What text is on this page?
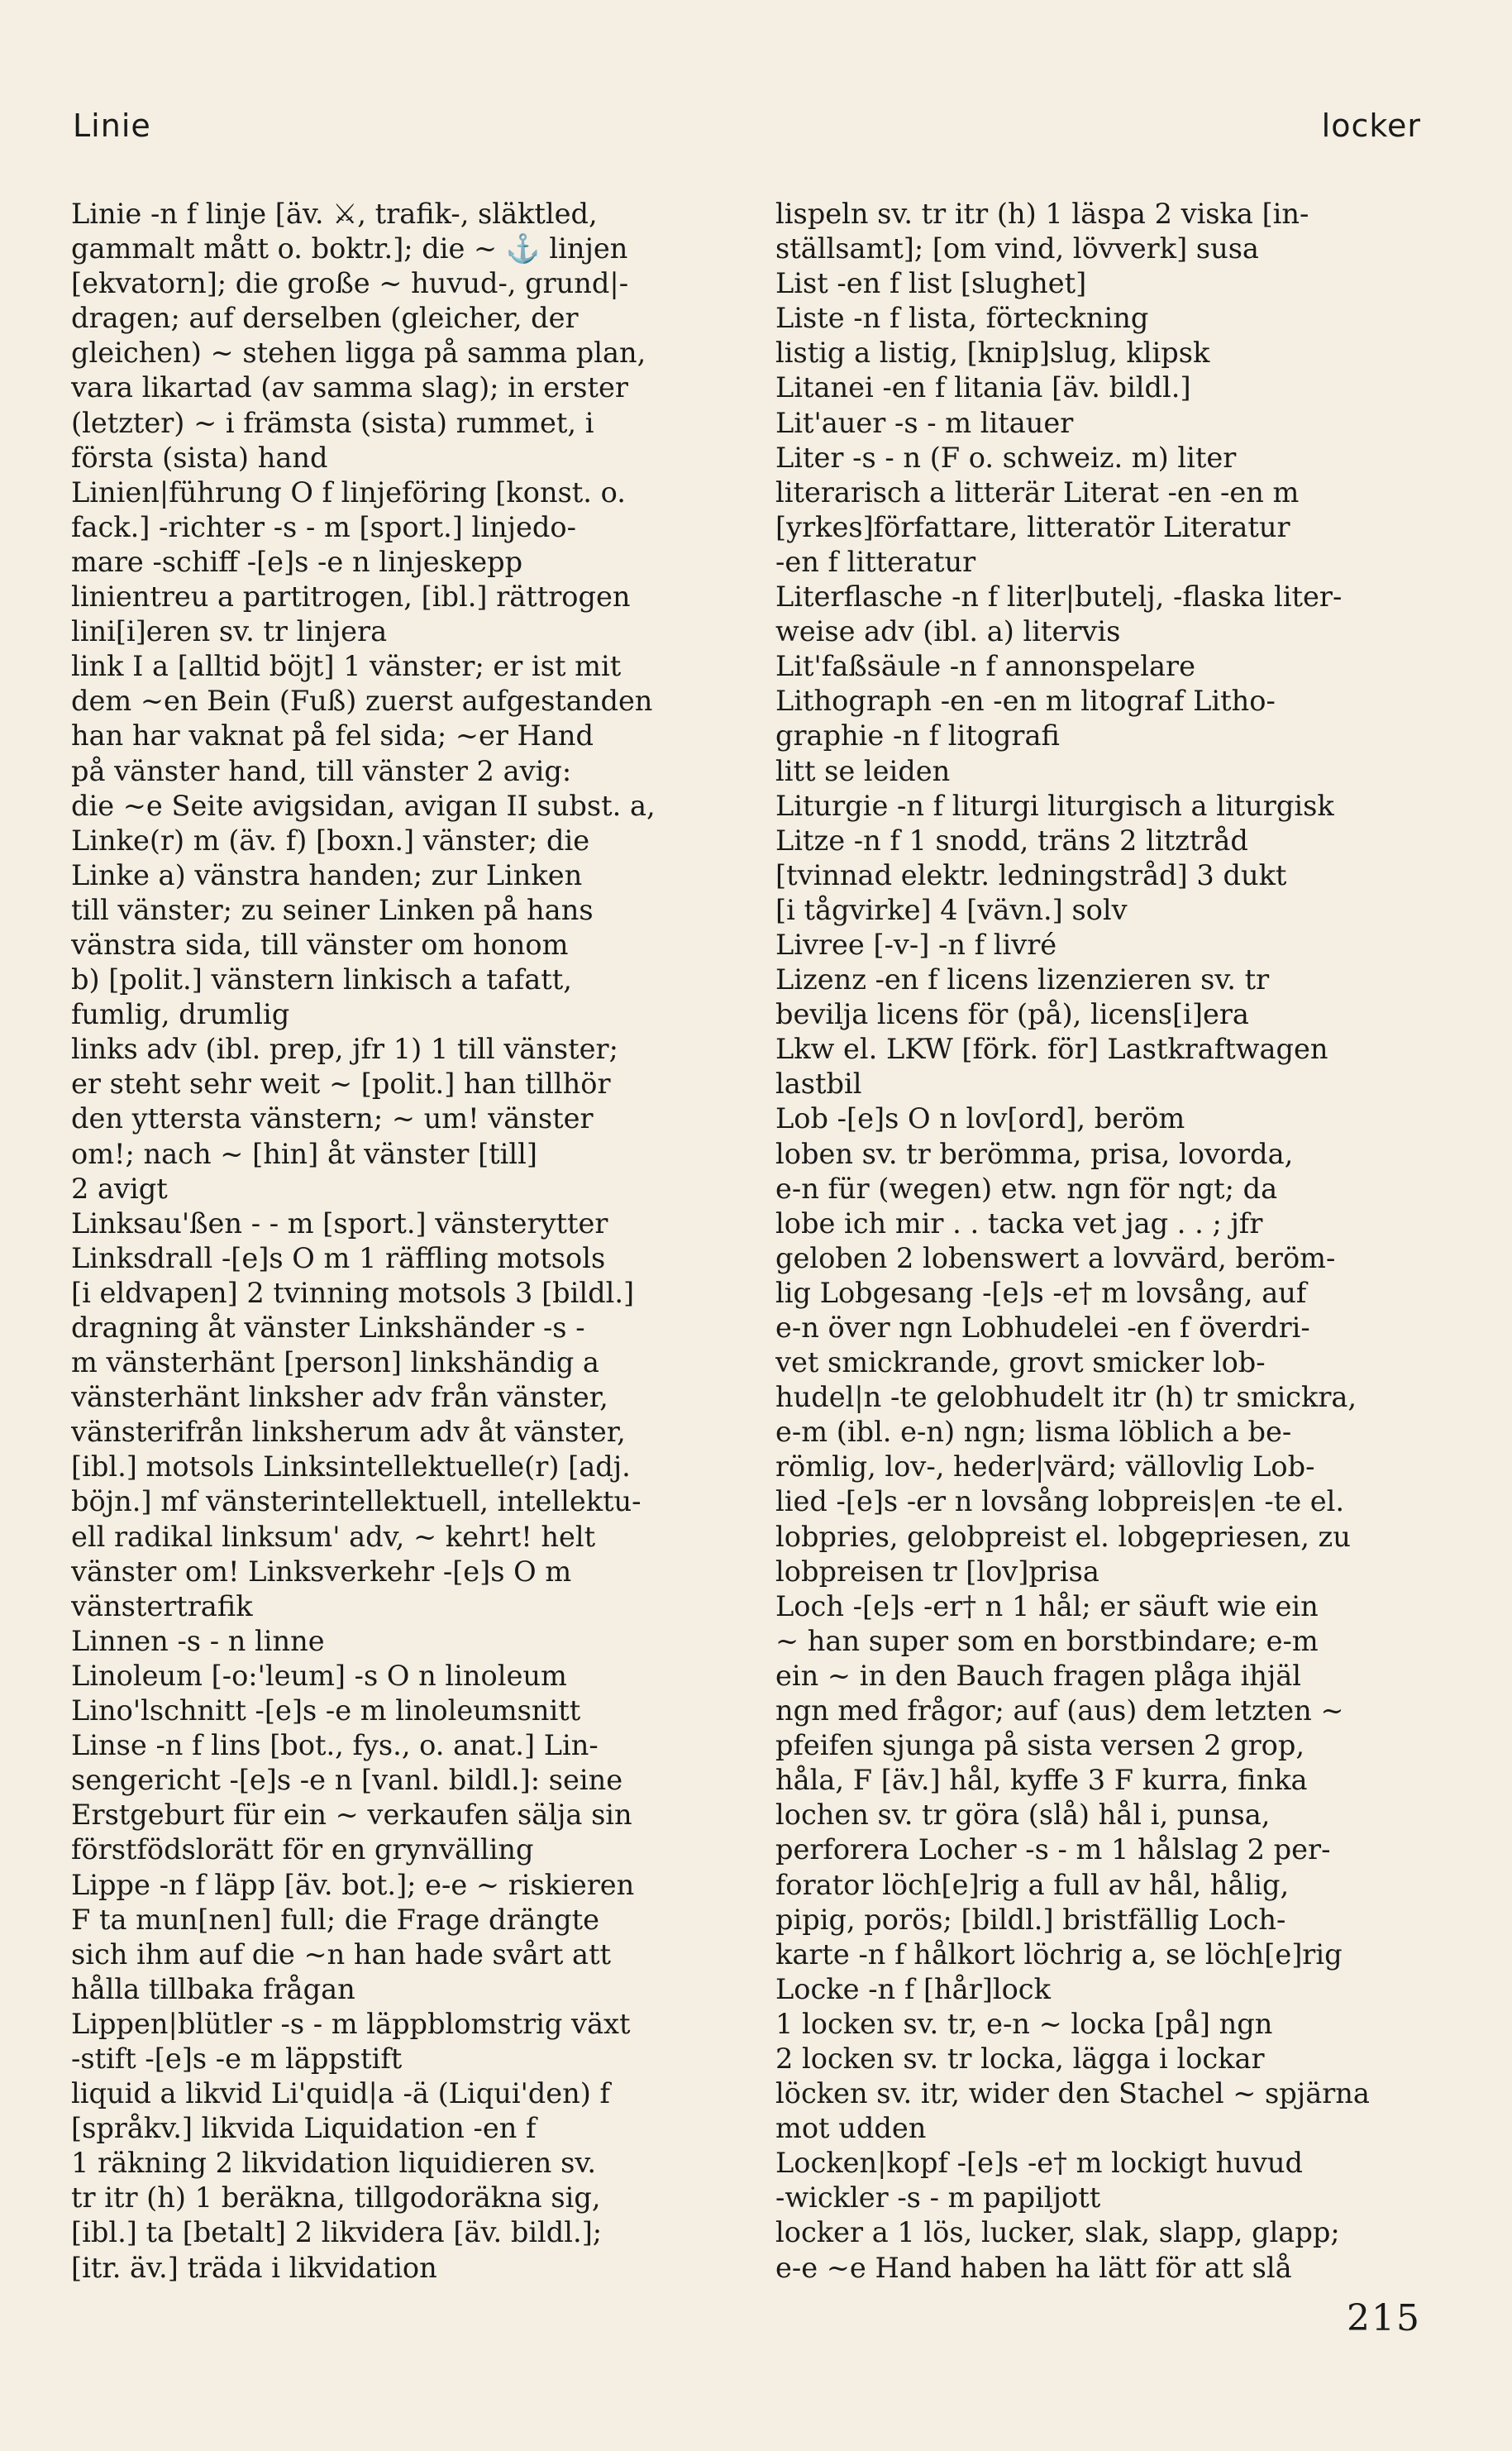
Linie	locker
Linie -n f linje [äv. ⚔, trafik-, släktled,
gammalt mått o. boktr.]; die ~ ⚓ linjen
[ekvatorn]; die große ~ huvud-, grund|-
dragen; auf derselben (gleicher, der
gleichen) ~ stehen ligga på samma plan,
vara likartad (av samma slag); in erster
(letzter) ~ i främsta (sista) rummet, i
första (sista) hand
Linien|führung O f linjeföring [konst. o.
fack.] -richter -s - m [sport.] linjedo-
mare -schiff -[e]s -e n linjeskepp
linientreu a partitrogen, [ibl.] rättrogen
lini[i]eren sv. tr linjera
link I a [alltid böjt] 1 vänster; er ist mit
dem ~en Bein (Fuß) zuerst aufgestanden
han har vaknat på fel sida; ~er Hand
på vänster hand, till vänster 2 avig:
die ~e Seite avigsidan, avigan II subst. a,
Linke(r) m (äv. f) [boxn.] vänster; die
Linke a) vänstra handen; zur Linken
till vänster; zu seiner Linken på hans
vänstra sida, till vänster om honom
b) [polit.] vänstern linkisch a tafatt,
fumlig, drumlig
links adv (ibl. prep, jfr 1) 1 till vänster;
er steht sehr weit ~ [polit.] han tillhör
den yttersta vänstern; ~ um! vänster
om!; nach ~ [hin] åt vänster [till]
2 avigt
Linksau'ßen - - m [sport.] vänsterytter
Linksdrall -[e]s O m 1 räffling motsols
[i eldvapen] 2 tvinning motsols 3 [bildl.]
dragning åt vänster Linkshänder -s -
m vänsterhänt [person] linkshändig a
vänsterhänt linksher adv från vänster,
vänsterifrån linksherum adv åt vänster,
[ibl.] motsols Linksintellektuelle(r) [adj.
böjn.] mf vänsterintellektuell, intellektu-
ell radikal linksum' adv, ~ kehrt! helt
vänster om! Linksverkehr -[e]s O m
vänstertrafik
Linnen -s - n linne
Linoleum [-o:'leum] -s O n linoleum
Lino'lschnitt -[e]s -e m linoleumsnitt
Linse -n f lins [bot., fys., o. anat.] Lin-
sengericht -[e]s -e n [vanl. bildl.]: seine
Erstgeburt für ein ~ verkaufen sälja sin
förstfödslorätt för en grynvälling
Lippe -n f läpp [äv. bot.]; e-e ~ riskieren
F ta mun[nen] full; die Frage drängte
sich ihm auf die ~n han hade svårt att
hålla tillbaka frågan
Lippen|blütler -s - m läppblomstrig växt
-stift -[e]s -e m läppstift
liquid a likvid Li'quid|a -ä (Liqui'den) f
[språkv.] likvida Liquidation -en f
1 räkning 2 likvidation liquidieren sv.
tr itr (h) 1 beräkna, tillgodoräkna sig,
[ibl.] ta [betalt] 2 likvidera [äv. bildl.];
[itr. äv.] träda i likvidation
lispeln sv. tr itr (h) 1 läspa 2 viska [in-
ställsamt]; [om vind, lövverk] susa
List -en f list [slughet]
Liste -n f lista, förteckning
listig a listig, [knip]slug, klipsk
Litanei -en f litania [äv. bildl.]
Lit'auer -s - m litauer
Liter -s - n (F o. schweiz. m) liter
literarisch a litterär Literat -en -en m
[yrkes]författare, litteratör Literatur
-en f litteratur
Literflasche -n f liter|butelj, -flaska liter-
weise adv (ibl. a) litervis
Lit'faßsäule -n f annonspelare
Lithograph -en -en m litograf Litho-
graphie -n f litografi
litt se leiden
Liturgie -n f liturgi liturgisch a liturgisk
Litze -n f 1 snodd, träns 2 litztråd
[tvinnad elektr. ledningstråd] 3 dukt
[i tågvirke] 4 [vävn.] solv
Livree [-v-] -n f livré
Lizenz -en f licens lizenzieren sv. tr
bevilja licens för (på), licens[i]era
Lkw el. LKW [förk. för] Lastkraftwagen
lastbil
Lob -[e]s O n lov[ord], beröm
loben sv. tr berömma, prisa, lovorda,
e-n für (wegen) etw. ngn för ngt; da
lobe ich mir . . tacka vet jag . . ; jfr
geloben 2 lobenswert a lovvärd, beröm-
lig Lobgesang -[e]s -e† m lovsång, auf
e-n över ngn Lobhudelei -en f överdri-
vet smickrande, grovt smicker lob-
hudel|n -te gelobhudelt itr (h) tr smickra,
e-m (ibl. e-n) ngn; lisma löblich a be-
römlig, lov-, heder|värd; vällovlig Lob-
lied -[e]s -er n lovsång lobpreis|en -te el.
lobpries, gelobpreist el. lobgepriesen, zu
lobpreisen tr [lov]prisa
Loch -[e]s -er† n 1 hål; er säuft wie ein
~ han super som en borstbindare; e-m
ein ~ in den Bauch fragen plåga ihjäl
ngn med frågor; auf (aus) dem letzten ~
pfeifen sjunga på sista versen 2 grop,
håla, F [äv.] hål, kyffe 3 F kurra, finka
lochen sv. tr göra (slå) hål i, punsa,
perforera Locher -s - m 1 hålslag 2 per-
forator löch[e]rig a full av hål, hålig,
pipig, porös; [bildl.] bristfällig Loch-
karte -n f hålkort löchrig a, se löch[e]rig
Locke -n f [hår]lock
1 locken sv. tr, e-n ~ locka [på] ngn
2 locken sv. tr locka, lägga i lockar
löcken sv. itr, wider den Stachel ~ spjärna
mot udden
Locken|kopf -[e]s -e† m lockigt huvud
-wickler -s - m papiljott
locker a 1 lös, lucker, slak, slapp, glapp;
e-e ~e Hand haben ha lätt för att slå
215
